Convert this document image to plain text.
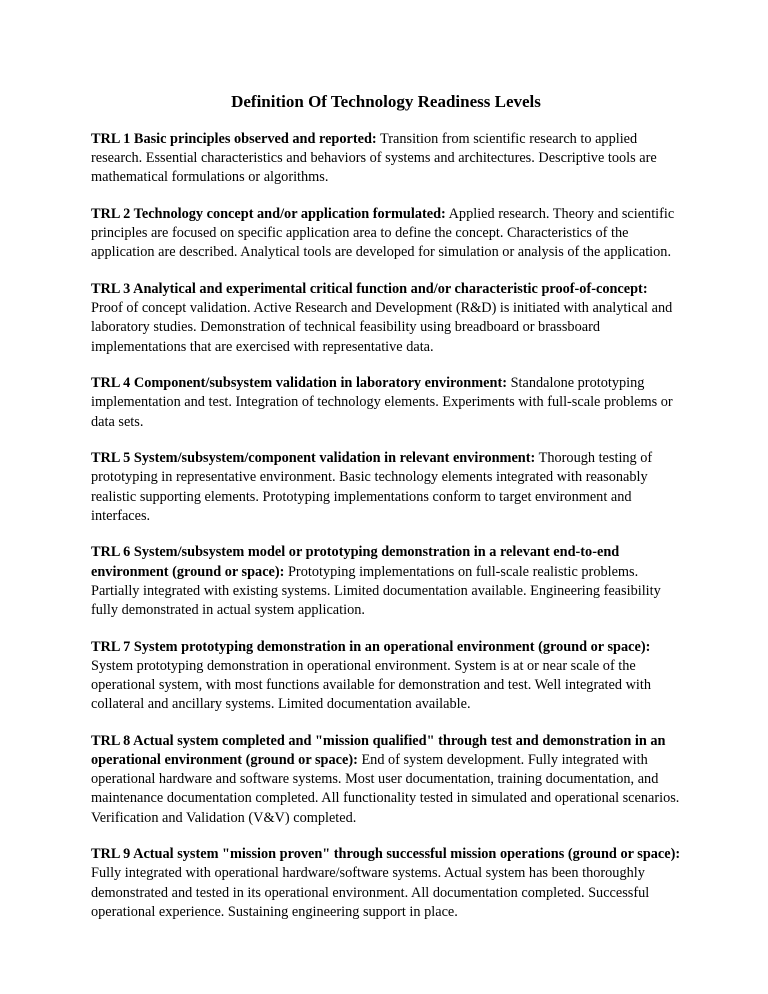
Definition Of Technology Readiness Levels

TRL 1 Basic principles observed and reported: Transition from scientific research to applied research. Essential characteristics and behaviors of systems and architectures. Descriptive tools are mathematical formulations or algorithms.

TRL 2 Technology concept and/or application formulated: Applied research. Theory and scientific principles are focused on specific application area to define the concept. Characteristics of the application are described. Analytical tools are developed for simulation or analysis of the application.

TRL 3 Analytical and experimental critical function and/or characteristic proof-of-concept: Proof of concept validation. Active Research and Development (R&D) is initiated with analytical and laboratory studies. Demonstration of technical feasibility using breadboard or brassboard implementations that are exercised with representative data.

TRL 4 Component/subsystem validation in laboratory environment: Standalone prototyping implementation and test. Integration of technology elements. Experiments with full-scale problems or data sets.

TRL 5 System/subsystem/component validation in relevant environment: Thorough testing of prototyping in representative environment. Basic technology elements integrated with reasonably realistic supporting elements. Prototyping implementations conform to target environment and interfaces.

TRL 6 System/subsystem model or prototyping demonstration in a relevant end-to-end environment (ground or space): Prototyping implementations on full-scale realistic problems. Partially integrated with existing systems. Limited documentation available. Engineering feasibility fully demonstrated in actual system application.

TRL 7 System prototyping demonstration in an operational environment (ground or space): System prototyping demonstration in operational environment. System is at or near scale of the operational system, with most functions available for demonstration and test. Well integrated with collateral and ancillary systems. Limited documentation available.

TRL 8 Actual system completed and "mission qualified" through test and demonstration in an operational environment (ground or space): End of system development. Fully integrated with operational hardware and software systems. Most user documentation, training documentation, and maintenance documentation completed. All functionality tested in simulated and operational scenarios. Verification and Validation (V&V) completed.

TRL 9 Actual system "mission proven" through successful mission operations (ground or space): Fully integrated with operational hardware/software systems. Actual system has been thoroughly demonstrated and tested in its operational environment. All documentation completed. Successful operational experience. Sustaining engineering support in place.
